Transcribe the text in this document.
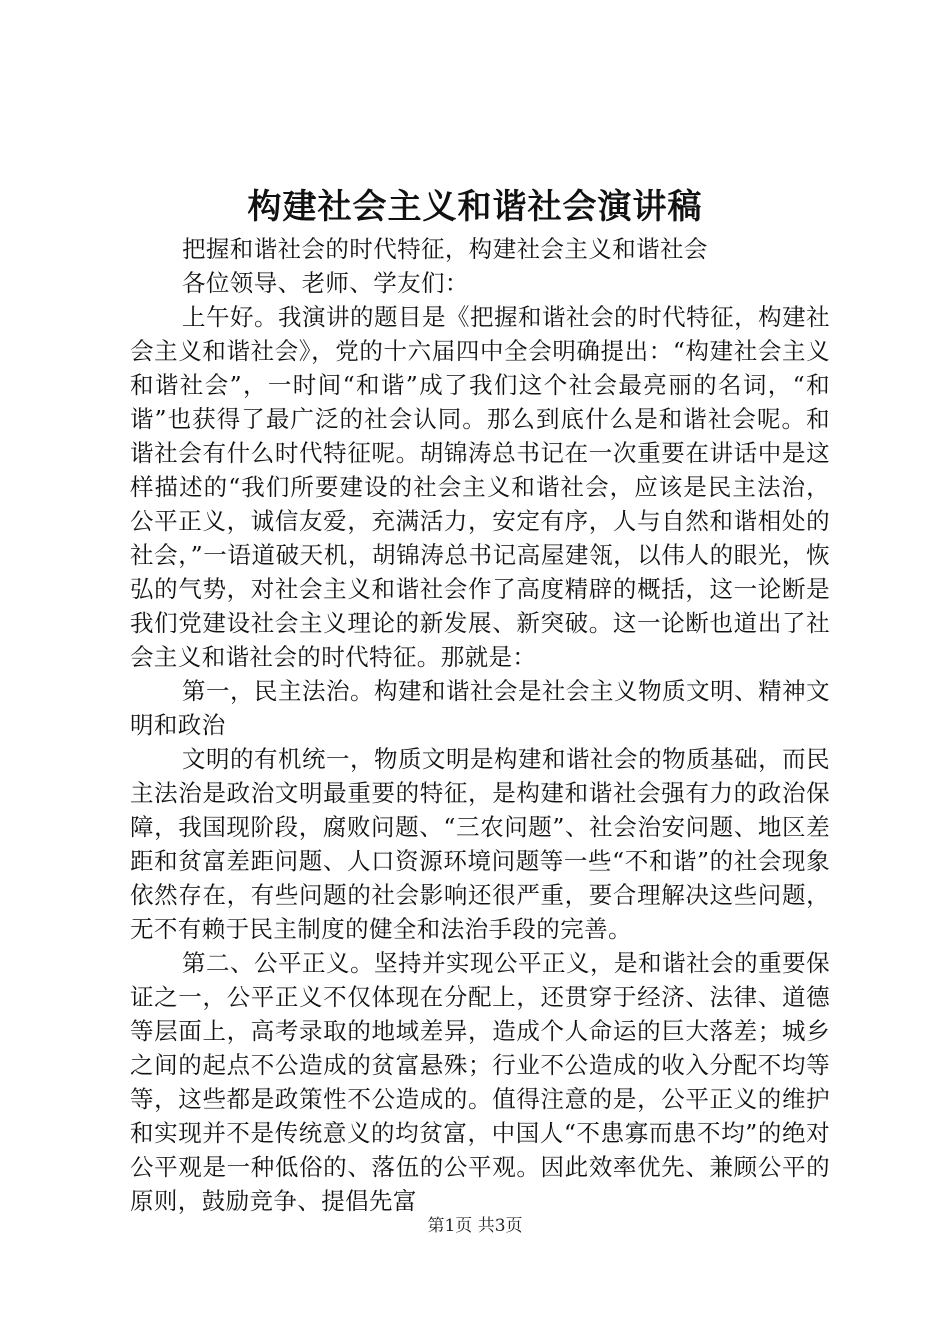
构建社会主义和谐社会演讲稿

把握和谐社会的时代特征，构建社会主义和谐社会

各位领导、老师、学友们：

上午好。我演讲的题目是《把握和谐社会的时代特征，构建社会主义和谐社会》，党的十六届四中全会明确提出：“构建社会主义和谐社会”，一时间“和谐”成了我们这个社会最亮丽的名词，“和谐”也获得了最广泛的社会认同。那么到底什么是和谐社会呢。和谐社会有什么时代特征呢。胡锦涛总书记在一次重要在讲话中是这样描述的“我们所要建设的社会主义和谐社会，应该是民主法治，公平正义，诚信友爱，充满活力，安定有序，人与自然和谐相处的社会，”一语道破天机，胡锦涛总书记高屋建瓴，以伟人的眼光，恢弘的气势，对社会主义和谐社会作了高度精辟的概括，这一论断是我们党建设社会主义理论的新发展、新突破。这一论断也道出了社会主义和谐社会的时代特征。那就是：

第一，民主法治。构建和谐社会是社会主义物质文明、精神文明和政治

文明的有机统一，物质文明是构建和谐社会的物质基础，而民主法治是政治文明最重要的特征，是构建和谐社会强有力的政治保障，我国现阶段，腐败问题、“三农问题”、社会治安问题、地区差距和贫富差距问题、人口资源环境问题等一些“不和谐”的社会现象依然存在，有些问题的社会影响还很严重，要合理解决这些问题，无不有赖于民主制度的健全和法治手段的完善。

第二、公平正义。坚持并实现公平正义，是和谐社会的重要保证之一，公平正义不仅体现在分配上，还贯穿于经济、法律、道德等层面上，高考录取的地域差异，造成个人命运的巨大落差；城乡之间的起点不公造成的贫富悬殊；行业不公造成的收入分配不均等等，这些都是政策性不公造成的。值得注意的是，公平正义的维护和实现并不是传统意义的均贫富，中国人“不患寡而患不均”的绝对公平观是一种低俗的、落伍的公平观。因此效率优先、兼顾公平的原则，鼓励竞争、提倡先富

第1页 共3页
